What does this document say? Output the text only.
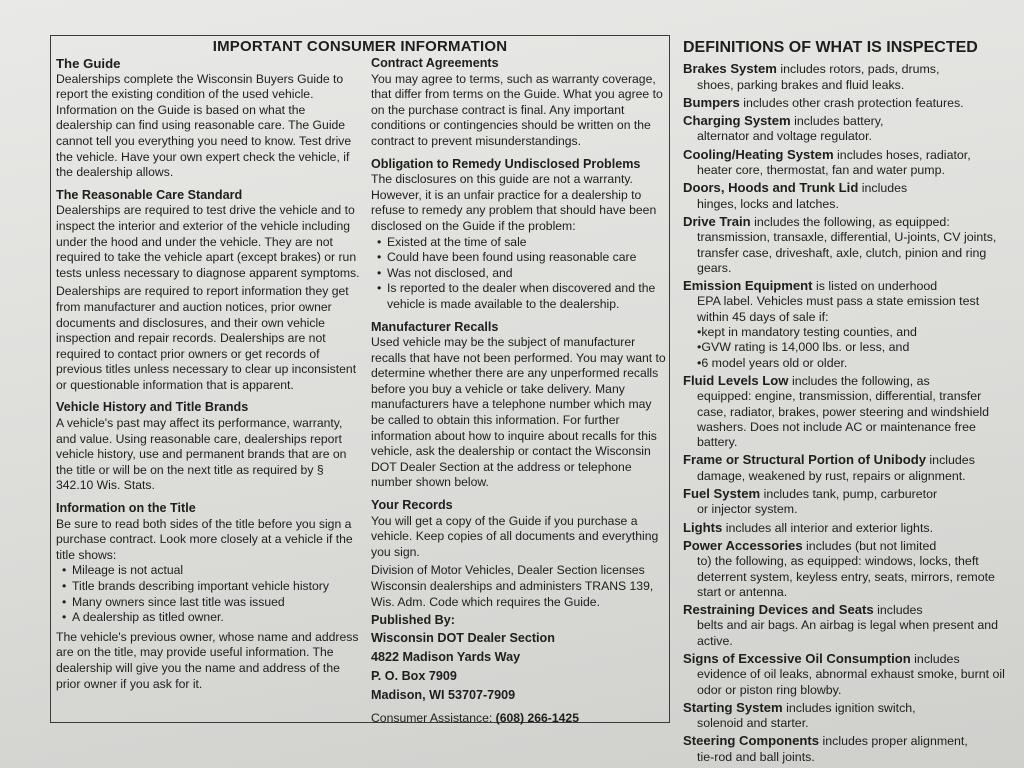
IMPORTANT CONSUMER INFORMATION
The Guide

Dealerships complete the Wisconsin Buyers Guide to report the existing condition of the used vehicle. Information on the Guide is based on what the dealership can find using reasonable care. The Guide cannot tell you everything you need to know. Test drive the vehicle. Have your own expert check the vehicle, if the dealership allows.

The Reasonable Care Standard

Dealerships are required to test drive the vehicle and to inspect the interior and exterior of the vehicle including under the hood and under the vehicle. They are not required to take the vehicle apart (except brakes) or run tests unless necessary to diagnose apparent symptoms.

Dealerships are required to report information they get from manufacturer and auction notices, prior owner documents and disclosures, and their own vehicle inspection and repair records. Dealerships are not required to contact prior owners or get records of previous titles unless necessary to clear up inconsistent or questionable information that is apparent.

Vehicle History and Title Brands

A vehicle's past may affect its performance, warranty, and value. Using reasonable care, dealerships report vehicle history, use and permanent brands that are on the title or will be on the next title as required by § 342.10 Wis. Stats.

Information on the Title

Be sure to read both sides of the title before you sign a purchase contract. Look more closely at a vehicle if the title shows:

• Mileage is not actual
• Title brands describing important vehicle history
• Many owners since last title was issued
• A dealership as titled owner.

The vehicle's previous owner, whose name and address are on the title, may provide useful information. The dealership will give you the name and address of the prior owner if you ask for it.

Contract Agreements

You may agree to terms, such as warranty coverage, that differ from terms on the Guide. What you agree to on the purchase contract is final. Any important conditions or contingencies should be written on the contract to prevent misunderstandings.

Obligation to Remedy Undisclosed Problems

The disclosures on this guide are not a warranty. However, it is an unfair practice for a dealership to refuse to remedy any problem that should have been disclosed on the Guide if the problem:

• Existed at the time of sale
• Could have been found using reasonable care
• Was not disclosed, and
• Is reported to the dealer when discovered and the vehicle is made available to the dealership.
Manufacturer Recalls

Used vehicle may be the subject of manufacturer recalls that have not been performed. You may want to determine whether there are any unperformed recalls before you buy a vehicle or take delivery. Many manufacturers have a telephone number which may be called to obtain this information. For further information about how to inquire about recalls for this vehicle, ask the dealership or contact the Wisconsin DOT Dealer Section at the address or telephone number shown below.

Your Records

You will get a copy of the Guide if you purchase a vehicle. Keep copies of all documents and everything you sign.

Division of Motor Vehicles, Dealer Section licenses Wisconsin dealerships and administers TRANS 139, Wis. Adm. Code which requires the Guide.

Published By:
Wisconsin DOT Dealer Section
4822 Madison Yards Way
P. O. Box 7909
Madison, WI 53707-7909
Consumer Assistance: (608) 266-1425
DEFINITIONS OF WHAT IS INSPECTED
Brakes System includes rotors, pads, drums,
shoes, parking brakes and fluid leaks.
Bumpers includes other crash protection features.
Charging System includes battery,
alternator and voltage regulator.
Cooling/Heating System includes hoses, radiator,
heater core, thermostat, fan and water pump.
Doors, Hoods and Trunk Lid includes
hinges, locks and latches.
Drive Train includes the following, as equipped:
transmission, transaxle, differential, U-joints, CV joints, transfer case, driveshaft, axle, clutch, pinion and ring gears.
Emission Equipment is listed on underhood
EPA label. Vehicles must pass a state emission test within 45 days of sale if:
• kept in mandatory testing counties, and
• GVW rating is 14,000 lbs. or less, and
• 6 model years old or older.
Fluid Levels Low includes the following, as
equipped: engine, transmission, differential, transfer case, radiator, brakes, power steering and windshield washers. Does not include AC or maintenance free battery.
Frame or Structural Portion of Unibody includes
damage, weakened by rust, repairs or alignment.
Fuel System includes tank, pump, carburetor
or injector system.
Lights includes all interior and exterior lights.
Power Accessories includes (but not limited
to) the following, as equipped: windows, locks, theft deterrent system, keyless entry, seats, mirrors, remote start or antenna.
Restraining Devices and Seats includes
belts and air bags. An airbag is legal when present and active.
Signs of Excessive Oil Consumption includes
evidence of oil leaks, abnormal exhaust smoke, burnt oil odor or piston ring blowby.
Starting System includes ignition switch,
solenoid and starter.
Steering Components includes proper alignment,
tie-rod and ball joints.
